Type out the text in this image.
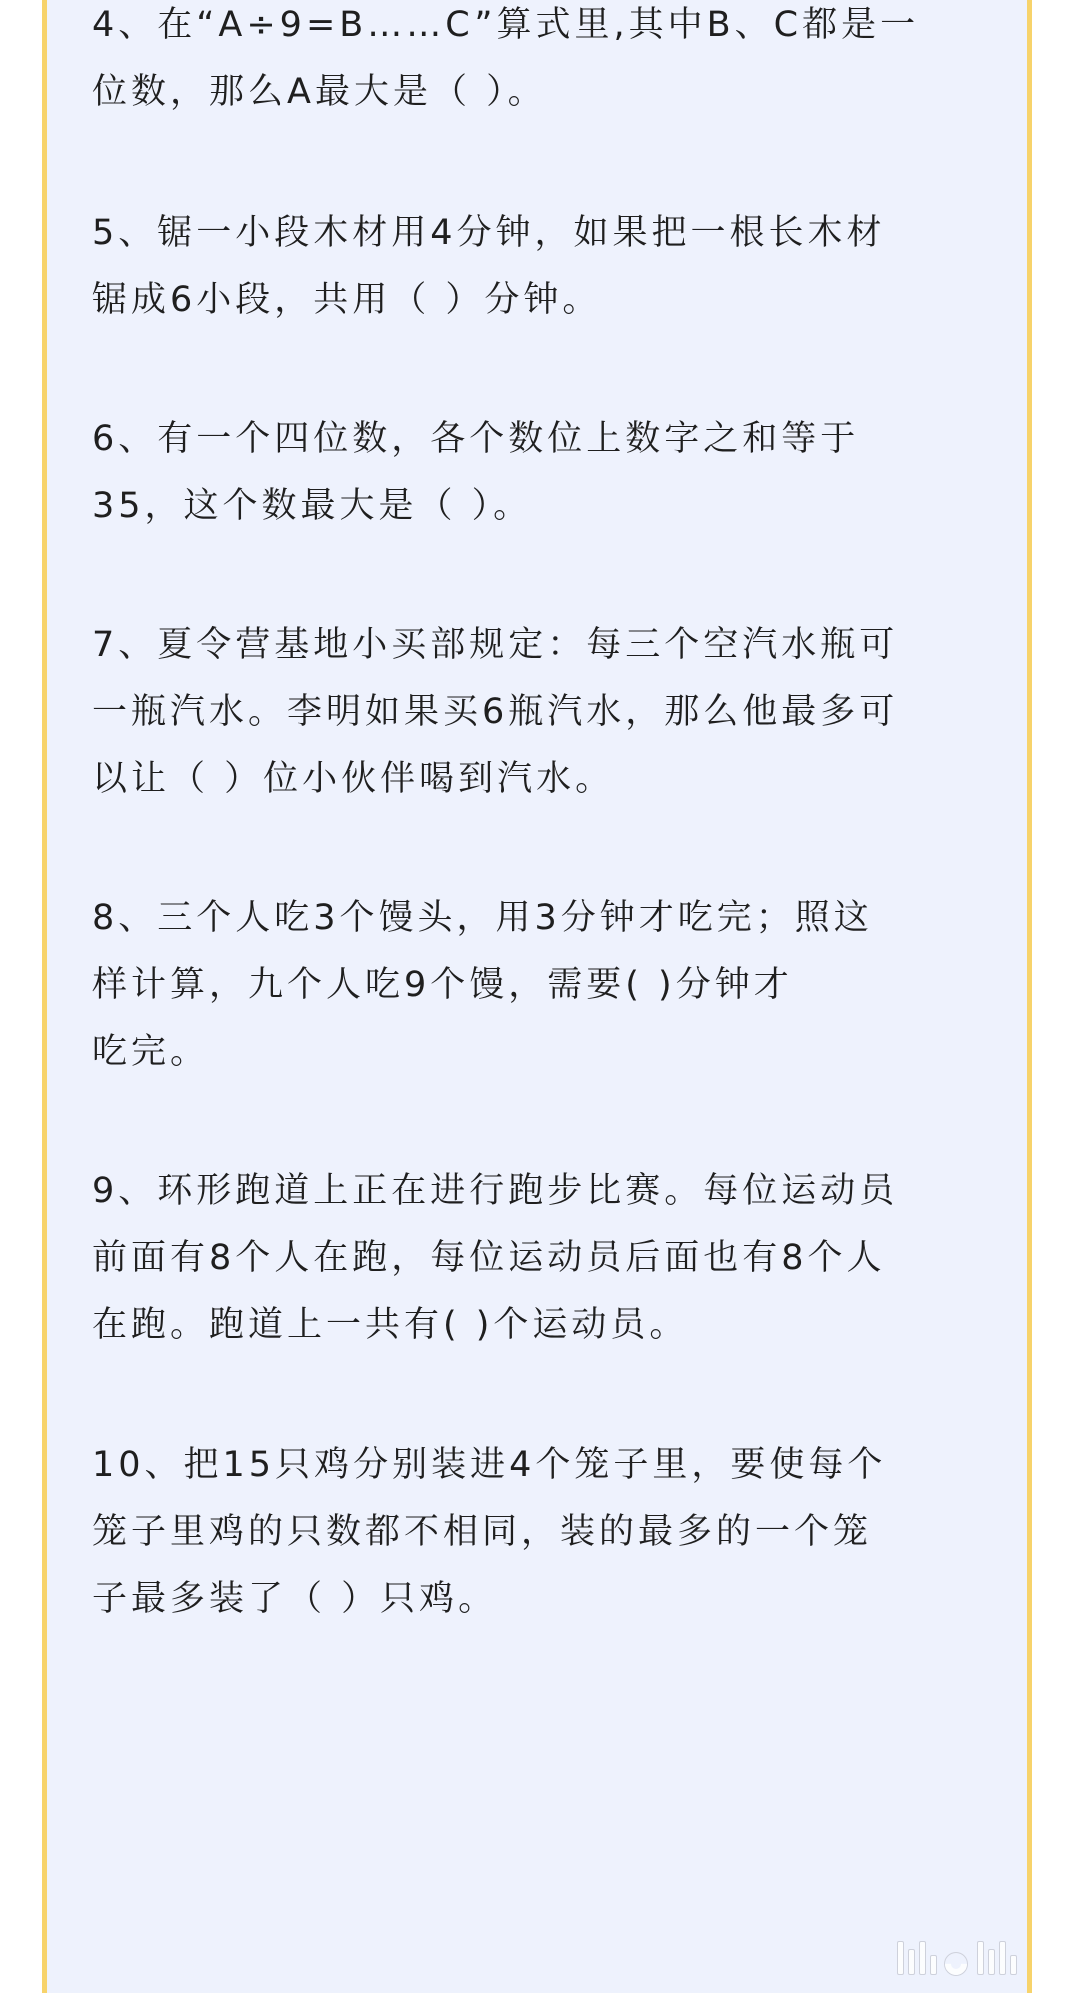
4、在“A÷9=B……C”算式里,其中B、C都是一
位数，那么A最大是（ ）。
5、锯一小段木材用4分钟，如果把一根长木材
锯成6小段，共用（ ）分钟。
6、有一个四位数，各个数位上数字之和等于
35，这个数最大是（ ）。
7、夏令营基地小买部规定：每三个空汽水瓶可
一瓶汽水。李明如果买6瓶汽水，那么他最多可
以让（ ）位小伙伴喝到汽水。
8、三个人吃3个馒头，用3分钟才吃完；照这
样计算，九个人吃9个馒，需要( )分钟才
吃完。
9、环形跑道上正在进行跑步比赛。每位运动员
前面有8个人在跑，每位运动员后面也有8个人
在跑。跑道上一共有( )个运动员。
10、把15只鸡分别装进4个笼子里，要使每个
笼子里鸡的只数都不相同，装的最多的一个笼
子最多装了（ ）只鸡。
